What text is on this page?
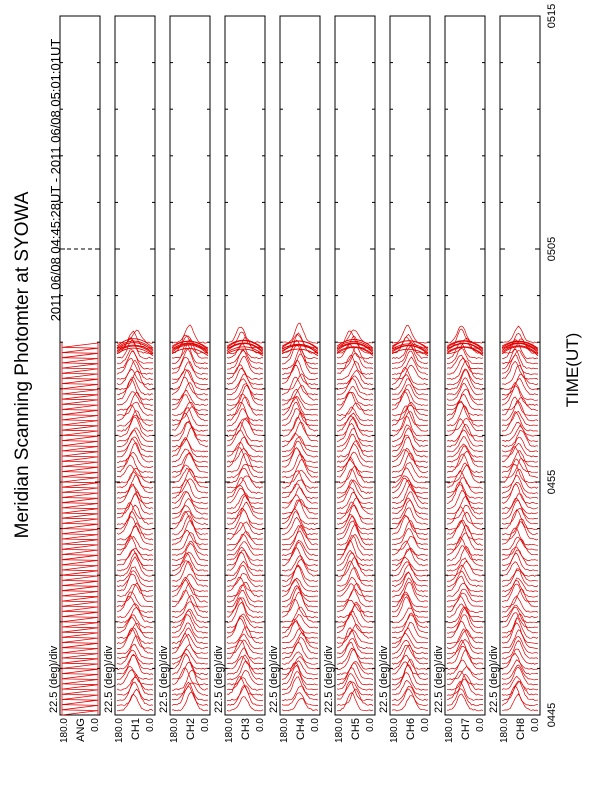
Meridian Scanning Photomter at SYOWA
2011 06/08 04:45:28UT - 2011 06/08 05:01:01UT
TIME(UT)
22.5 (deg)/div
180.0 0.0
ANG
22.5 (deg)/div
180.0 0.0
CH1
22.5 (deg)/div
180.0 0.0
CH2
22.5 (deg)/div
180.0 0.0
CH3
22.5 (deg)/div
180.0 0.0
CH4
22.5 (deg)/div
180.0 0.0
CH5
22.5 (deg)/div
180.0 0.0
CH6
22.5 (deg)/div
180.0 0.0
CH7
22.5 (deg)/div
180.0 0.0
CH8
0445
0455
0505
0515
